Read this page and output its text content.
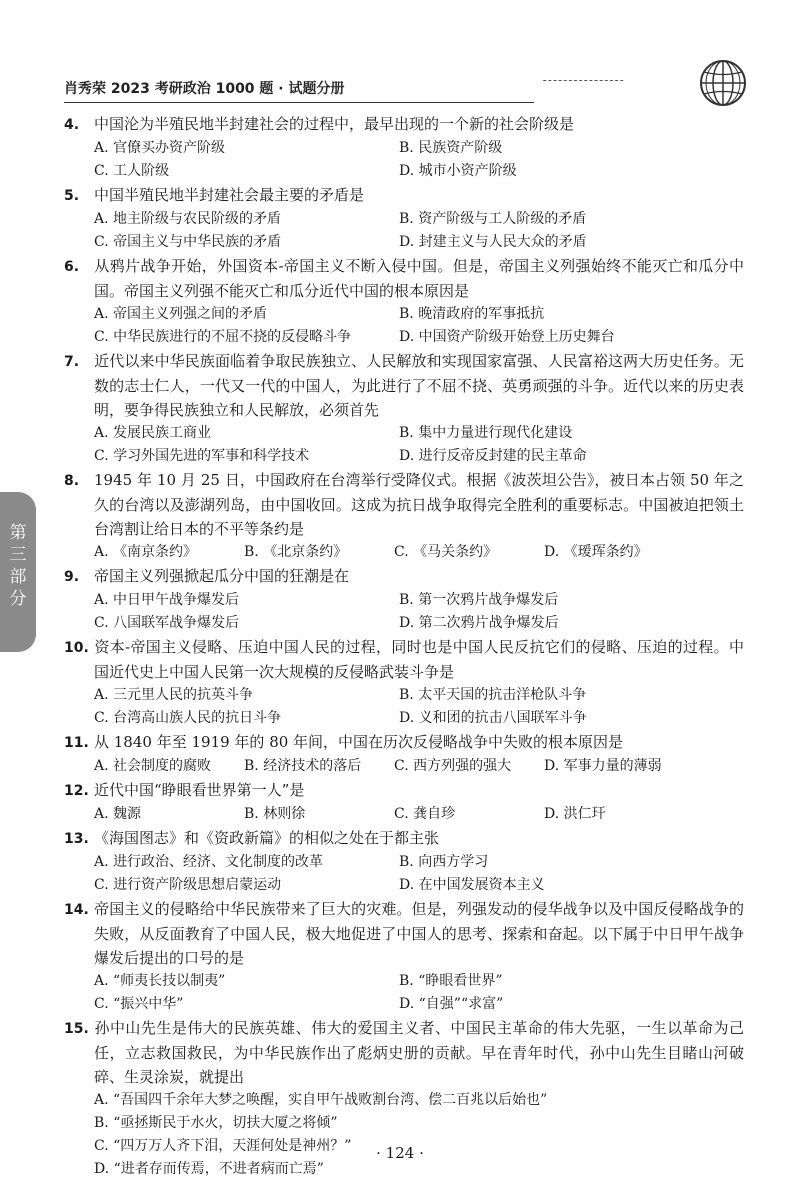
肖秀荣 2023 考研政治 1000 题 · 试题分册
第三部分

4. 中国沦为半殖民地半封建社会的过程中，最早出现的一个新的社会阶级是

A. 官僚买办资产阶级	B. 民族资产阶级
C. 工人阶级	D. 城市小资产阶级

5. 中国半殖民地半封建社会最主要的矛盾是

A. 地主阶级与农民阶级的矛盾	B. 资产阶级与工人阶级的矛盾
C. 帝国主义与中华民族的矛盾	D. 封建主义与人民大众的矛盾

6. 从鸦片战争开始，外国资本-帝国主义不断入侵中国。但是，帝国主义列强始终不能灭亡和瓜分中国。帝国主义列强不能灭亡和瓜分近代中国的根本原因是

A. 帝国主义列强之间的矛盾	B. 晚清政府的军事抵抗
C. 中华民族进行的不屈不挠的反侵略斗争	D. 中国资产阶级开始登上历史舞台

7. 近代以来中华民族面临着争取民族独立、人民解放和实现国家富强、人民富裕这两大历史任务。无数的志士仁人，一代又一代的中国人，为此进行了不屈不挠、英勇顽强的斗争。近代以来的历史表明，要争得民族独立和人民解放，必须首先

A. 发展民族工商业	B. 集中力量进行现代化建设
C. 学习外国先进的军事和科学技术	D. 进行反帝反封建的民主革命

8. 1945 年 10 月 25 日，中国政府在台湾举行受降仪式。根据《波茨坦公告》，被日本占领 50 年之久的台湾以及澎湖列岛，由中国收回。这成为抗日战争取得完全胜利的重要标志。中国被迫把领土台湾割让给日本的不平等条约是

A. 《南京条约》	B. 《北京条约》	C. 《马关条约》	D. 《瑷珲条约》

9. 帝国主义列强掀起瓜分中国的狂潮是在

A. 中日甲午战争爆发后	B. 第一次鸦片战争爆发后
C. 八国联军战争爆发后	D. 第二次鸦片战争爆发后

10. 资本-帝国主义侵略、压迫中国人民的过程，同时也是中国人民反抗它们的侵略、压迫的过程。中国近代史上中国人民第一次大规模的反侵略武装斗争是

A. 三元里人民的抗英斗争	B. 太平天国的抗击洋枪队斗争
C. 台湾高山族人民的抗日斗争	D. 义和团的抗击八国联军斗争

11. 从 1840 年至 1919 年的 80 年间，中国在历次反侵略战争中失败的根本原因是

A. 社会制度的腐败	B. 经济技术的落后	C. 西方列强的强大	D. 军事力量的薄弱

12. 近代中国“睁眼看世界第一人”是

A. 魏源	B. 林则徐	C. 龚自珍	D. 洪仁玕

13. 《海国图志》和《资政新篇》的相似之处在于都主张

A. 进行政治、经济、文化制度的改革	B. 向西方学习
C. 进行资产阶级思想启蒙运动	D. 在中国发展资本主义

14. 帝国主义的侵略给中华民族带来了巨大的灾难。但是，列强发动的侵华战争以及中国反侵略战争的失败，从反面教育了中国人民，极大地促进了中国人的思考、探索和奋起。以下属于中日甲午战争爆发后提出的口号的是

A. “师夷长技以制夷”	B. “睁眼看世界”
C. “振兴中华”	D. “自强”“求富”

15. 孙中山先生是伟大的民族英雄、伟大的爱国主义者、中国民主革命的伟大先驱，一生以革命为己任，立志救国救民，为中华民族作出了彪炳史册的贡献。早在青年时代，孙中山先生目睹山河破碎、生灵涂炭，就提出

A. “吾国四千余年大梦之唤醒，实自甲午战败割台湾、偿二百兆以后始也”
B. “亟拯斯民于水火，切扶大厦之将倾”
C. “四万万人齐下泪，天涯何处是神州？”
D. “进者存而传焉，不进者病而亡焉”
· 124 ·
